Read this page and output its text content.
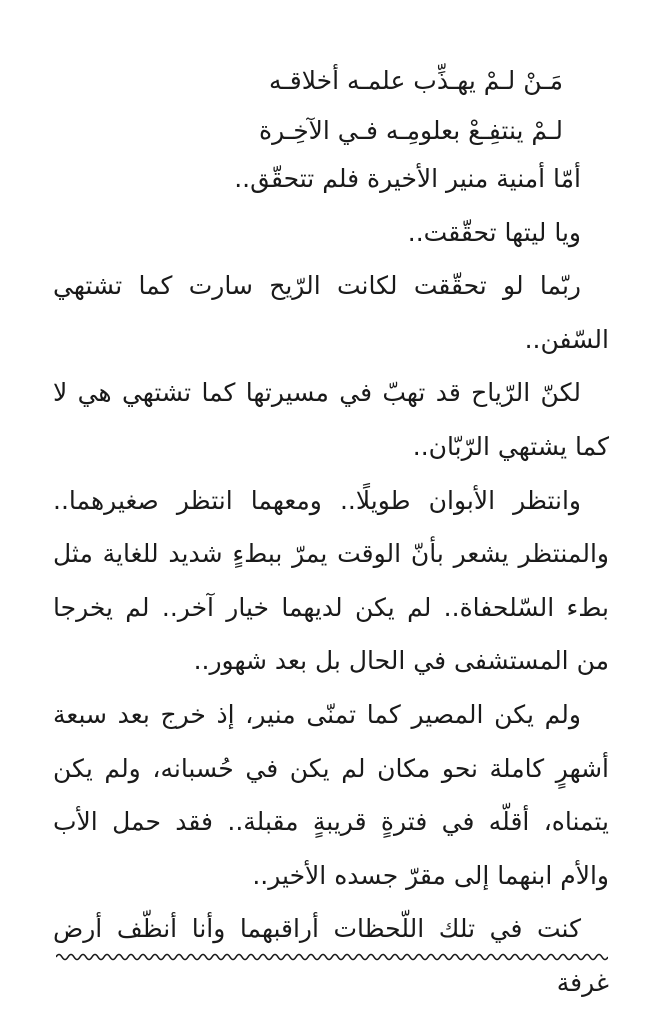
مَـنْ لـمْ يهـذِّب علمـه أخلاقـه
لـمْ ينتفِـعْ بعلومِـه فـي الآخِـرة

أمّا أمنية منير الأخيرة فلم تتحقّق..

ويا ليتها تحقّقت..

ربّما لو تحقّقت لكانت الرّيح سارت كما تشتهي السّفن..

لكنّ الرّياح قد تهبّ في مسيرتها كما تشتهي هي لا كما يشتهي الرّبّان..

وانتظر الأبوان طويلًا.. ومعهما انتظر صغيرهما.. والمنتظر يشعر بأنّ الوقت يمرّ ببطءٍ شديد للغاية مثل بطء السّلحفاة.. لم يكن لديهما خيار آخر.. لم يخرجا من المستشفى في الحال بل بعد شهور..

ولم يكن المصير كما تمنّى منير، إذ خرج بعد سبعة أشهرٍ كاملة نحو مكان لم يكن في حُسبانه، ولم يكن يتمناه، أقلّه في فترةٍ قريبةٍ مقبلة.. فقد حمل الأب والأم ابنهما إلى مقرّ جسده الأخير..

كنت في تلك اللّحظات أراقبهما وأنا أنظّف أرض غرفة
